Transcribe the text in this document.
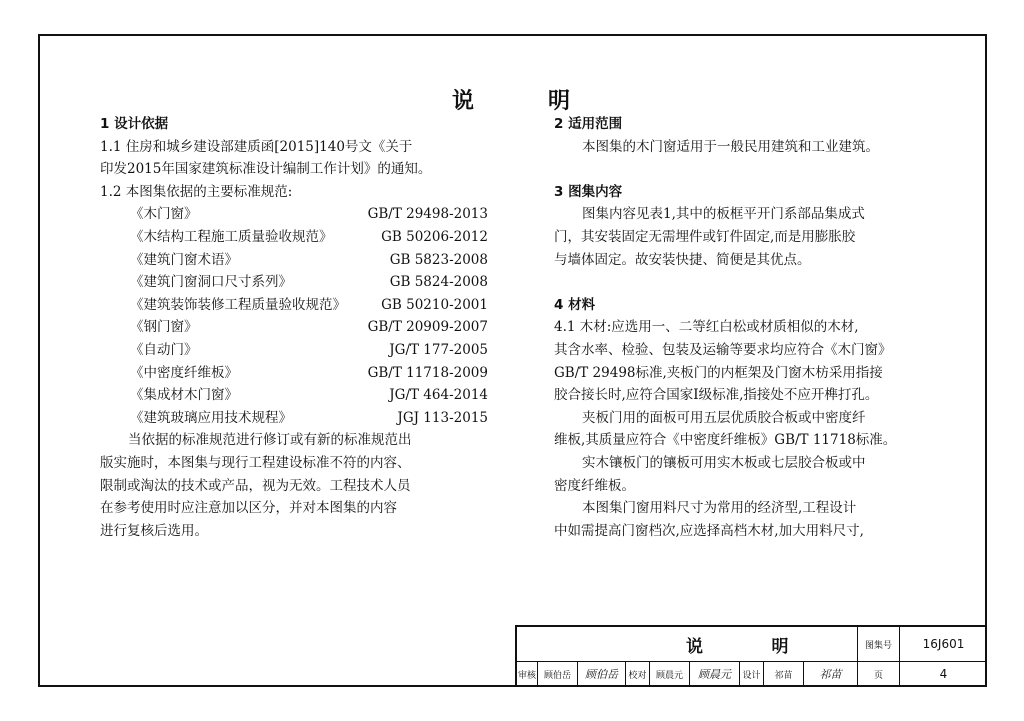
说	明
1 设计依据
1.1 住房和城乡建设部建质函[2015]140号文《关于
印发2015年国家建筑标准设计编制工作计划》的通知。
1.2 本图集依据的主要标准规范:
《木门窗》	GB/T 29498-2013
《木结构工程施工质量验收规范》	GB 50206-2012
《建筑门窗术语》	GB 5823-2008
《建筑门窗洞口尺寸系列》	GB 5824-2008
《建筑装饰装修工程质量验收规范》	GB 50210-2001
《钢门窗》	GB/T 20909-2007
《自动门》	JG/T 177-2005
《中密度纤维板》	GB/T 11718-2009
《集成材木门窗》	JG/T 464-2014
《建筑玻璃应用技术规程》	JGJ 113-2015
当依据的标准规范进行修订或有新的标准规范出
版实施时，本图集与现行工程建设标准不符的内容、
限制或淘汰的技术或产品，视为无效。工程技术人员
在参考使用时应注意加以区分，并对本图集的内容
进行复核后选用。
2 适用范围
本图集的木门窗适用于一般民用建筑和工业建筑。
3 图集内容
图集内容见表1,其中的板框平开门系部品集成式
门，其安装固定无需埋件或钉件固定,而是用膨胀胶
与墙体固定。故安装快捷、简便是其优点。
4 材料
4.1 木材:应选用一、二等红白松或材质相似的木材,
其含水率、检验、包装及运输等要求均应符合《木门窗》
GB/T 29498标准,夹板门的内框架及门窗木枋采用指接
胶合接长时,应符合国家I级标准,指接处不应开榫打孔。
夹板门用的面板可用五层优质胶合板或中密度纤
维板,其质量应符合《中密度纤维板》GB/T 11718标准。
实木镶板门的镶板可用实木板或七层胶合板或中
密度纤维板。
本图集门窗用料尺寸为常用的经济型,工程设计
中如需提高门窗档次,应选择高档木材,加大用料尺寸,
说	明	图集号	16J601
审核 顾伯岳	顾伯岳	校对	顾晨元	顾晨元	设计	祁苗	祁苗	页	4
